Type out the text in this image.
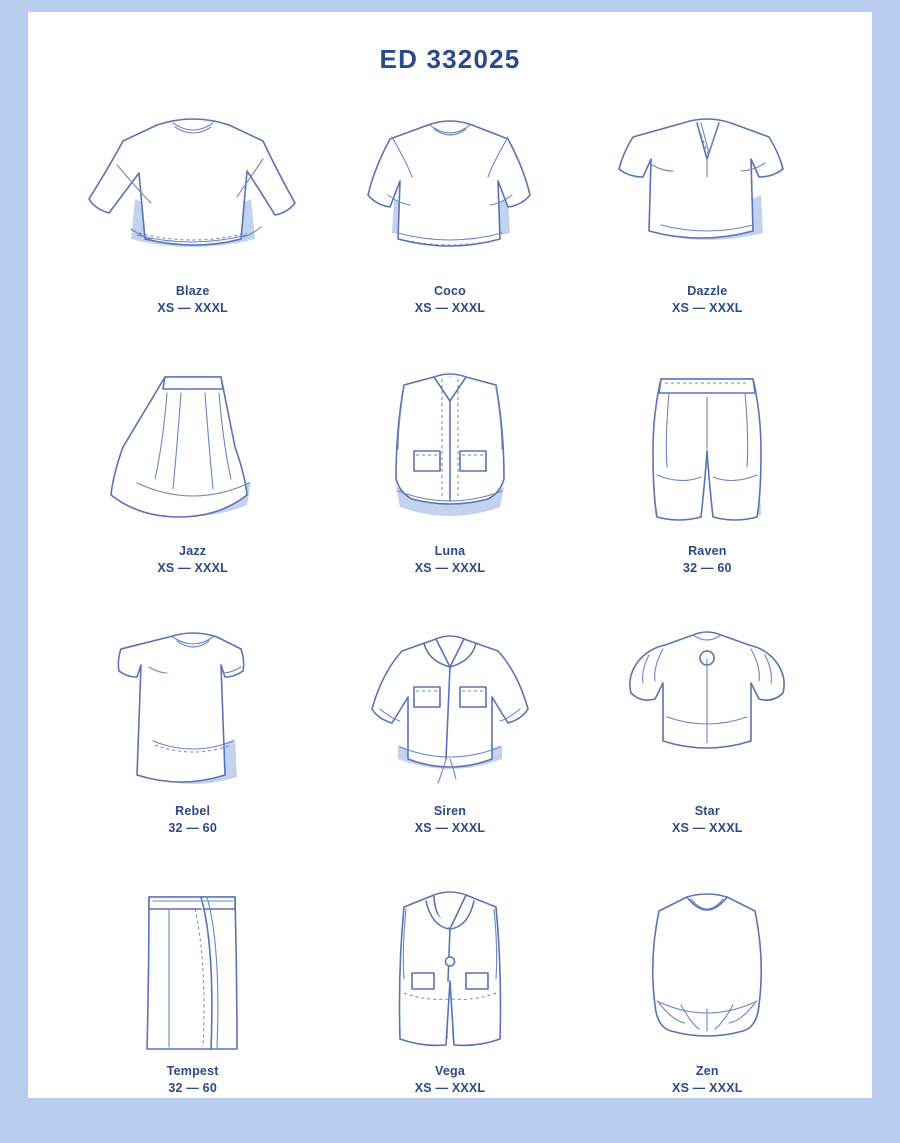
ED 332025
Blaze
XS — XXXL
Coco
XS — XXXL
Dazzle
XS — XXXL
Jazz
XS — XXXL
Luna
XS — XXXL
Raven
32 — 60
Rebel
32 — 60
Siren
XS — XXXL
Star
XS — XXXL
Tempest
32 — 60
Vega
XS — XXXL
Zen
XS — XXXL
